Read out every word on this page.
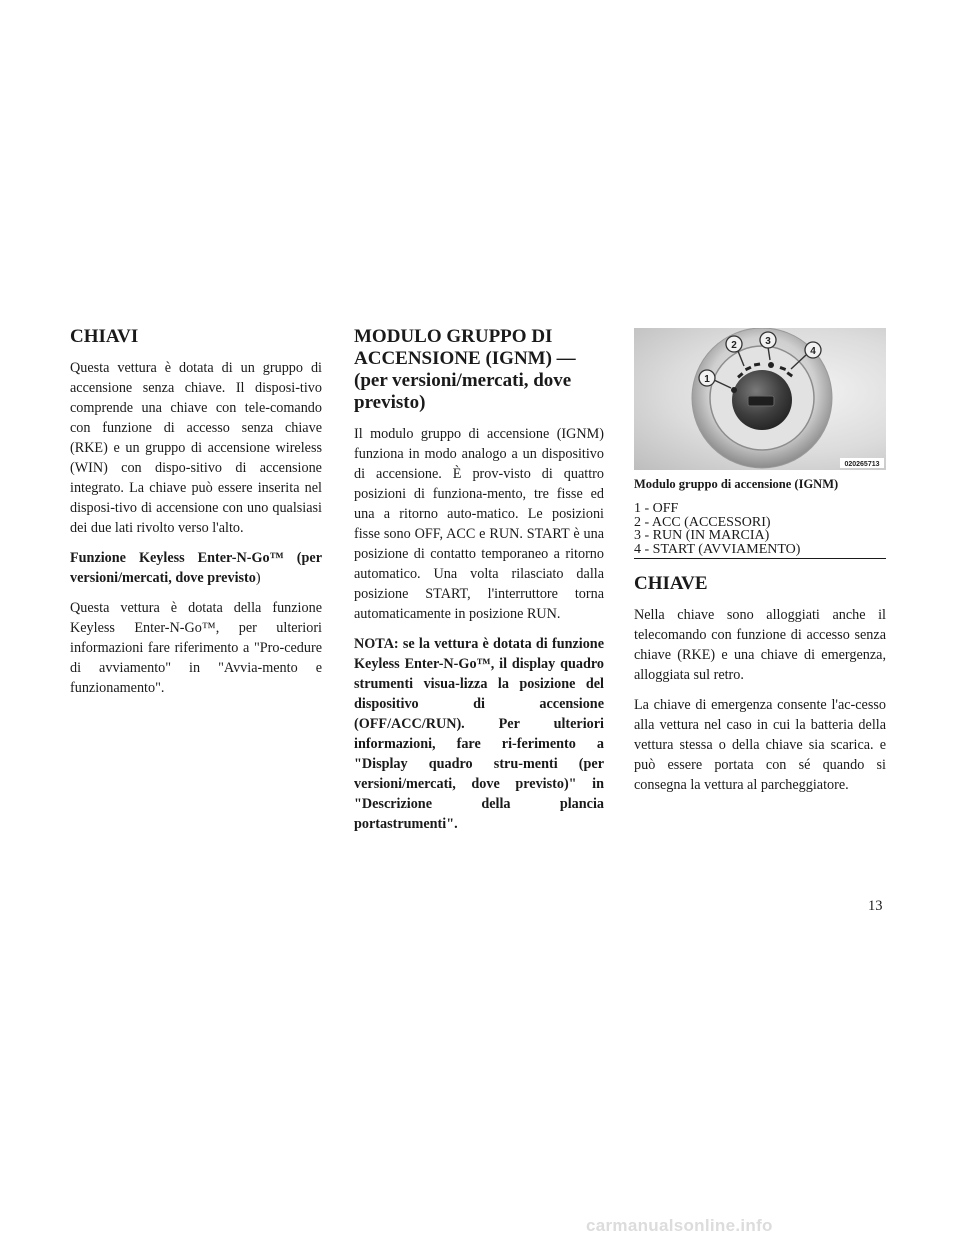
CHIAVI

Questa vettura è dotata di un gruppo di accensione senza chiave. Il disposi-tivo comprende una chiave con tele-comando con funzione di accesso senza chiave (RKE) e un gruppo di accensione wireless (WIN) con dispo-sitivo di accensione integrato. La chiave può essere inserita nel disposi-tivo di accensione con uno qualsiasi dei due lati rivolto verso l'alto.

Funzione Keyless Enter-N-Go™ (per versioni/mercati, dove previsto)

Questa vettura è dotata della funzione Keyless Enter-N-Go™, per ulteriori informazioni fare riferimento a "Pro-cedure di avviamento" in "Avvia-mento e funzionamento".

MODULO GRUPPO DI ACCENSIONE (IGNM) — (per versioni/mercati, dove previsto)

Il modulo gruppo di accensione (IGNM) funziona in modo analogo a un dispositivo di accensione. È prov-visto di quattro posizioni di funziona-mento, tre fisse ed una a ritorno auto-matico. Le posizioni fisse sono OFF, ACC e RUN. START è una posizione di contatto temporaneo a ritorno automatico. Una volta rilasciato dalla posizione START, l'interruttore torna automaticamente in posizione RUN.

NOTA: se la vettura è dotata di funzione Keyless Enter-N-Go™, il display quadro strumenti visua-lizza la posizione del dispositivo di accensione (OFF/ACC/RUN). Per ulteriori informazioni, fare ri-ferimento a "Display quadro stru-menti (per versioni/mercati, dove previsto)" in "Descrizione della plancia portastrumenti".

1
2	3
4
020265713
Modulo gruppo di accensione (IGNM)
1 - OFF
2 - ACC (ACCESSORI)
3 - RUN (IN MARCIA)
4 - START (AVVIAMENTO)
CHIAVE

Nella chiave sono alloggiati anche il telecomando con funzione di accesso senza chiave (RKE) e una chiave di emergenza, alloggiata sul retro.

La chiave di emergenza consente l'ac-cesso alla vettura nel caso in cui la batteria della vettura stessa o della chiave sia scarica. e può essere portata con sé quando si consegna la vettura al parcheggiatore.

13
carmanualsonline.info
